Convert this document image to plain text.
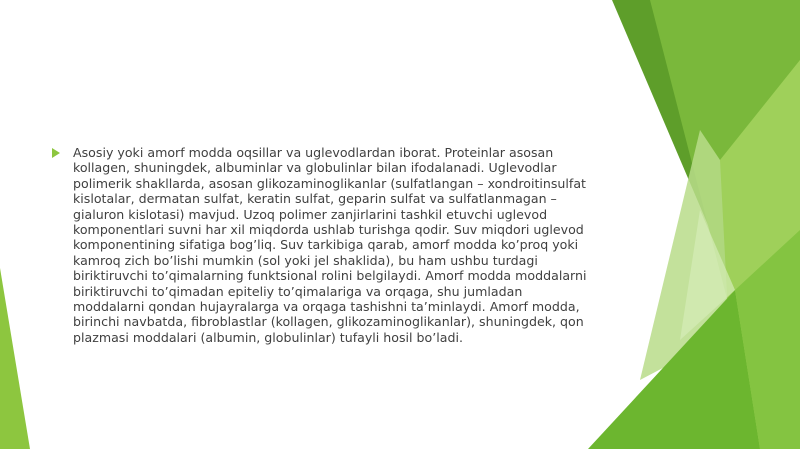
Asosiy yoki amorf modda oqsillar va uglevodlardan iborat. Proteinlar asosan kollagen, shuningdek, albuminlar va globulinlar bilan ifodalanadi. Uglevodlar polimerik shakllarda, asosan glikozaminoglikanlar (sulfatlangan – xondroitinsulfat kislotalar, dermatan sulfat, keratin sulfat, geparin sulfat va sulfatlanmagan – gialuron kislotasi) mavjud. Uzoq polimer zanjirlarini tashkil etuvchi uglevod komponentlari suvni har xil miqdorda ushlab turishga qodir. Suv miqdori uglevod komponentining sifatiga bog’liq. Suv tarkibiga qarab, amorf modda ko’proq yoki kamroq zich bo’lishi mumkin (sol yoki jel shaklida), bu ham ushbu turdagi biriktiruvchi to’qimalarning funktsional rolini belgilaydi. Amorf modda moddalarni biriktiruvchi to’qimadan epiteliy to’qimalariga va orqaga, shu jumladan moddalarni qondan hujayralarga va orqaga tashishni ta’minlaydi. Amorf modda, birinchi navbatda, fibroblastlar (kollagen, glikozaminoglikanlar), shuningdek, qon plazmasi moddalari (albumin, globulinlar) tufayli hosil bo’ladi.
